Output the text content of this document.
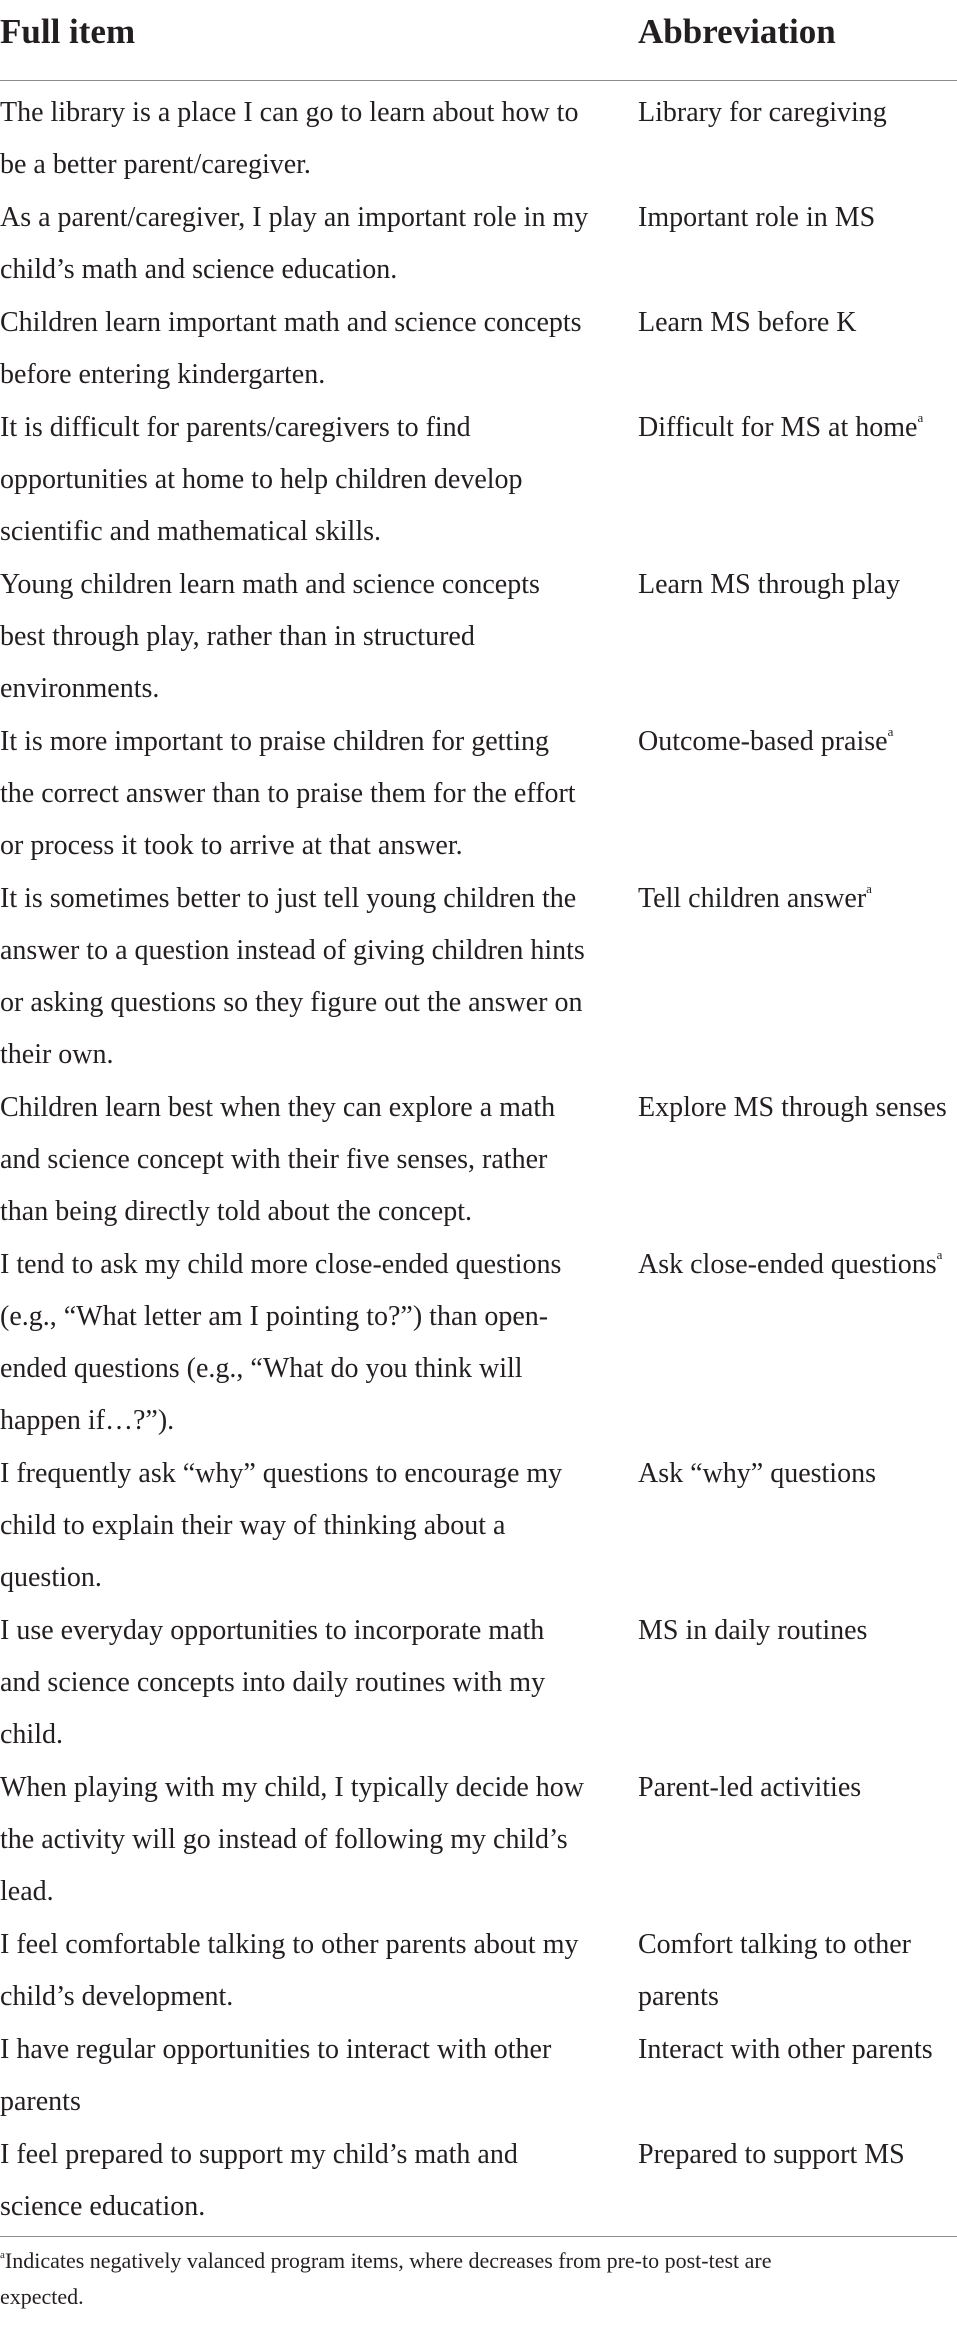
Full item	Abbreviation
The library is a place I can go to learn about how to
be a better parent/caregiver.
Library for caregiving
As a parent/caregiver, I play an important role in my
child’s math and science education.
Important role in MS
Children learn important math and science concepts
before entering kindergarten.
Learn MS before K
It is difficult for parents/caregivers to find
opportunities at home to help children develop
scientific and mathematical skills.
Difficult for MS at home$^a$
Young children learn math and science concepts
best through play, rather than in structured
environments.
Learn MS through play
It is more important to praise children for getting
the correct answer than to praise them for the effort
or process it took to arrive at that answer.
Outcome-based praise$^a$
It is sometimes better to just tell young children the
answer to a question instead of giving children hints
or asking questions so they figure out the answer on
their own.
Tell children answer$^a$
Children learn best when they can explore a math
and science concept with their five senses, rather
than being directly told about the concept.
Explore MS through senses
I tend to ask my child more close-ended questions
(e.g., “What letter am I pointing to?”) than open-
ended questions (e.g., “What do you think will
happen if…?”).
Ask close-ended questions$^a$
I frequently ask “why” questions to encourage my
child to explain their way of thinking about a
question.
Ask “why” questions
I use everyday opportunities to incorporate math
and science concepts into daily routines with my
child.
MS in daily routines
When playing with my child, I typically decide how
the activity will go instead of following my child’s
lead.
Parent-led activities
I feel comfortable talking to other parents about my
child’s development.
Comfort talking to other
parents
I have regular opportunities to interact with other
parents
Interact with other parents
I feel prepared to support my child’s math and
science education.
Prepared to support MS
$^a$Indicates negatively valanced program items, where decreases from pre-to post-test are
expected.
